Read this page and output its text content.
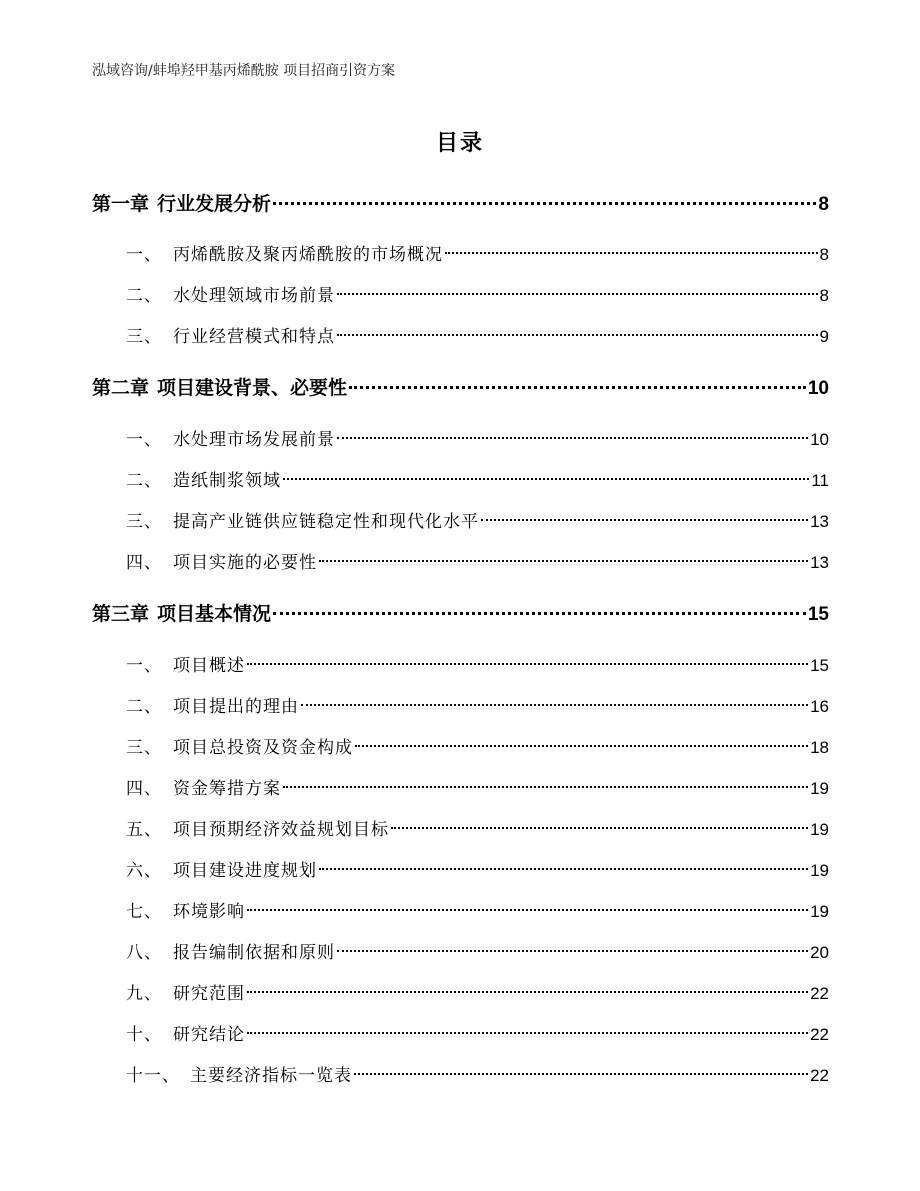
泓域咨询/蚌埠羟甲基丙烯酰胺 项目招商引资方案
目录
第一章 行业发展分析	8
一、 丙烯酰胺及聚丙烯酰胺的市场概况	8
二、 水处理领域市场前景	8
三、 行业经营模式和特点	9
第二章 项目建设背景、必要性	10
一、 水处理市场发展前景	10
二、 造纸制浆领域	11
三、 提高产业链供应链稳定性和现代化水平	13
四、 项目实施的必要性	13
第三章 项目基本情况	15
一、 项目概述	15
二、 项目提出的理由	16
三、 项目总投资及资金构成	18
四、 资金筹措方案	19
五、 项目预期经济效益规划目标	19
六、 项目建设进度规划	19
七、 环境影响	19
八、 报告编制依据和原则	20
九、 研究范围	22
十、 研究结论	22
十一、 主要经济指标一览表	22
